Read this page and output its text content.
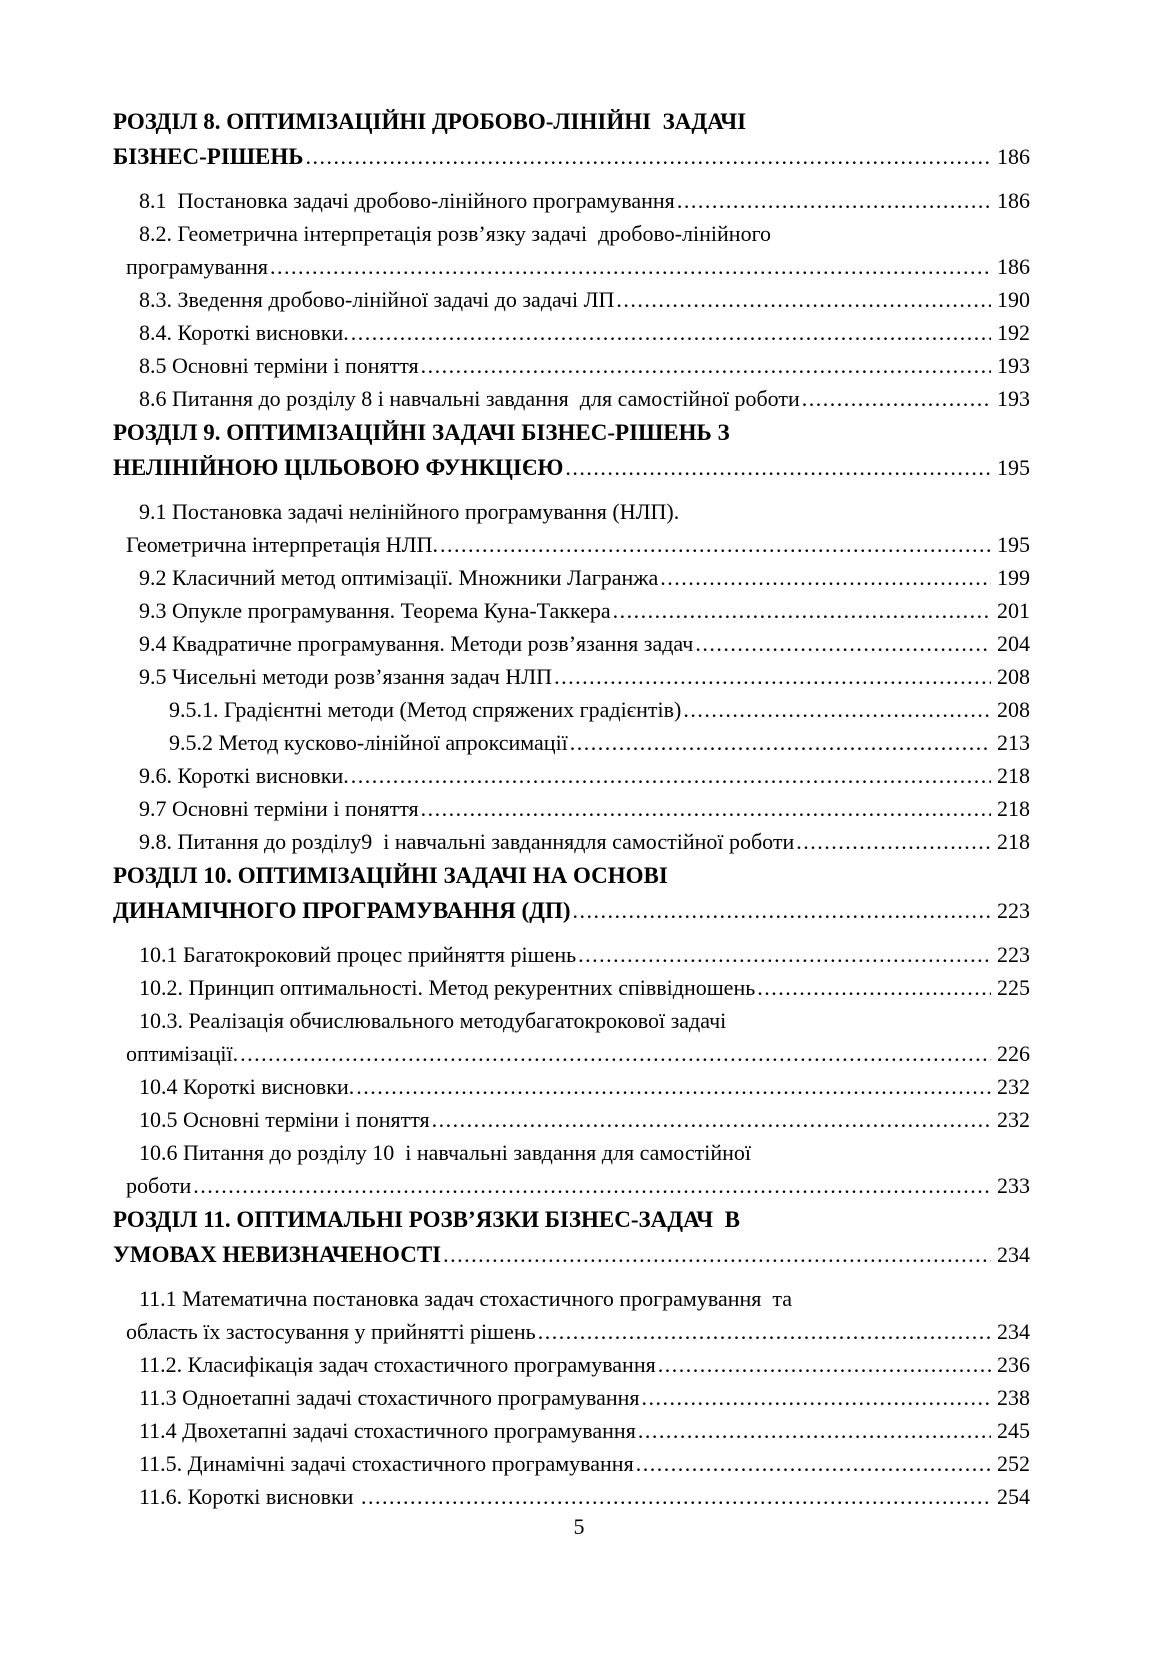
РОЗДІЛ 8. ОПТИМІЗАЦІЙНІ ДРОБОВО-ЛІНІЙНІ  ЗАДАЧІ
БІЗНЕС-РІШЕНЬ .....	186
8.1  Постановка задачі дробово-лінійного програмування .....	186
8.2. Геометрична інтерпретація розв’язку задачі  дробово-лінійного
програмування .....	186
8.3. Зведення дробово-лінійної задачі до задачі ЛП .....	190
8.4. Короткі висновки. .....	192
8.5 Основні терміни і поняття .....	193
8.6 Питання до розділу 8 і навчальні завдання  для самостійної роботи .....	193
РОЗДІЛ 9. ОПТИМІЗАЦІЙНІ ЗАДАЧІ БІЗНЕС-РІШЕНЬ З
НЕЛІНІЙНОЮ ЦІЛЬОВОЮ ФУНКЦІЄЮ .....	195
9.1 Постановка задачі нелінійного програмування (НЛП).
Геометрична інтерпретація НЛП. .....	195
9.2 Класичний метод оптимізації. Множники Лагранжа .....	199
9.3 Опукле програмування. Теорема Куна-Таккера .....	201
9.4 Квадратичне програмування. Методи розв’язання задач .....	204
9.5 Чисельні методи розв’язання задач НЛП .....	208
9.5.1. Градієнтні методи (Метод спряжених градієнтів) .....	208
9.5.2 Метод кусково-лінійної апроксимації .....	213
9.6. Короткі висновки. .....	218
9.7 Основні терміни і поняття .....	218
9.8. Питання до розділу9  і навчальні завданнядля самостійної роботи .....	218
РОЗДІЛ 10. ОПТИМІЗАЦІЙНІ ЗАДАЧІ НА ОСНОВІ
ДИНАМІЧНОГО ПРОГРАМУВАННЯ (ДП) .....	223
10.1 Багатокроковий процес прийняття рішень .....	223
10.2. Принцип оптимальності. Метод рекурентних співвідношень .....	225
10.3. Реалізація обчислювального методубагатокрокової задачі
оптимізації. .....	226
10.4 Короткі висновки. .....	232
10.5 Основні терміни і поняття .....	232
10.6 Питання до розділу 10  і навчальні завдання для самостійної
роботи .....	233
РОЗДІЛ 11. ОПТИМАЛЬНІ РОЗВ’ЯЗКИ БІЗНЕС-ЗАДАЧ  В
УМОВАХ НЕВИЗНАЧЕНОСТІ .....	234
11.1 Математична постановка задач стохастичного програмування  та
область їх застосування у прийнятті рішень .....	234
11.2. Класифікація задач стохастичного програмування .....	236
11.3 Одноетапні задачі стохастичного програмування .....	238
11.4 Двохетапні задачі стохастичного програмування .....	245
11.5. Динамічні задачі стохастичного програмування .....	252
11.6. Короткі висновки .....	254
5
